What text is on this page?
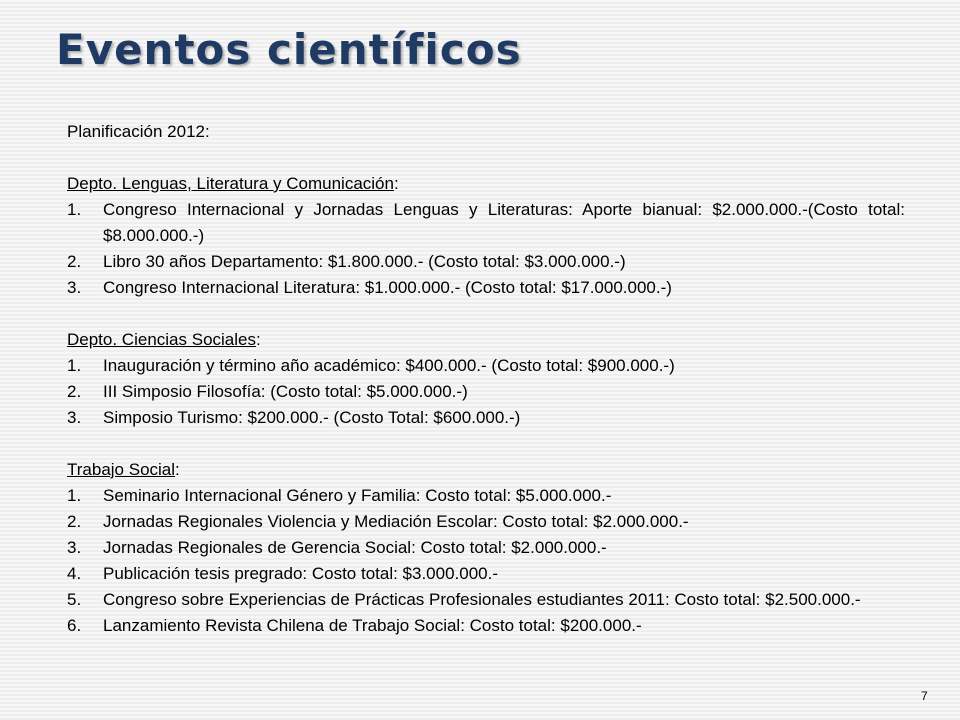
Eventos científicos

Planificación 2012:

Depto. Lenguas, Literatura y Comunicación:

1. Congreso Internacional y Jornadas Lenguas y Literaturas: Aporte bianual: $2.000.000.-(Costo total: $8.000.000.-)
2. Libro 30 años Departamento: $1.800.000.- (Costo total: $3.000.000.-)
3. Congreso Internacional Literatura: $1.000.000.- (Costo total: $17.000.000.-)

Depto. Ciencias Sociales:

1. Inauguración y término año académico: $400.000.- (Costo total: $900.000.-)
2. III Simposio Filosofía: (Costo total: $5.000.000.-)
3. Simposio Turismo: $200.000.- (Costo Total: $600.000.-)

Trabajo Social:

1. Seminario Internacional Género y Familia: Costo total: $5.000.000.-
2. Jornadas Regionales Violencia y Mediación Escolar: Costo total: $2.000.000.-
3. Jornadas Regionales de Gerencia Social: Costo total: $2.000.000.-
4. Publicación tesis pregrado: Costo total: $3.000.000.-
5. Congreso sobre Experiencias de Prácticas Profesionales estudiantes 2011: Costo total: $2.500.000.-
6. Lanzamiento Revista Chilena de Trabajo Social: Costo total: $200.000.-
7
